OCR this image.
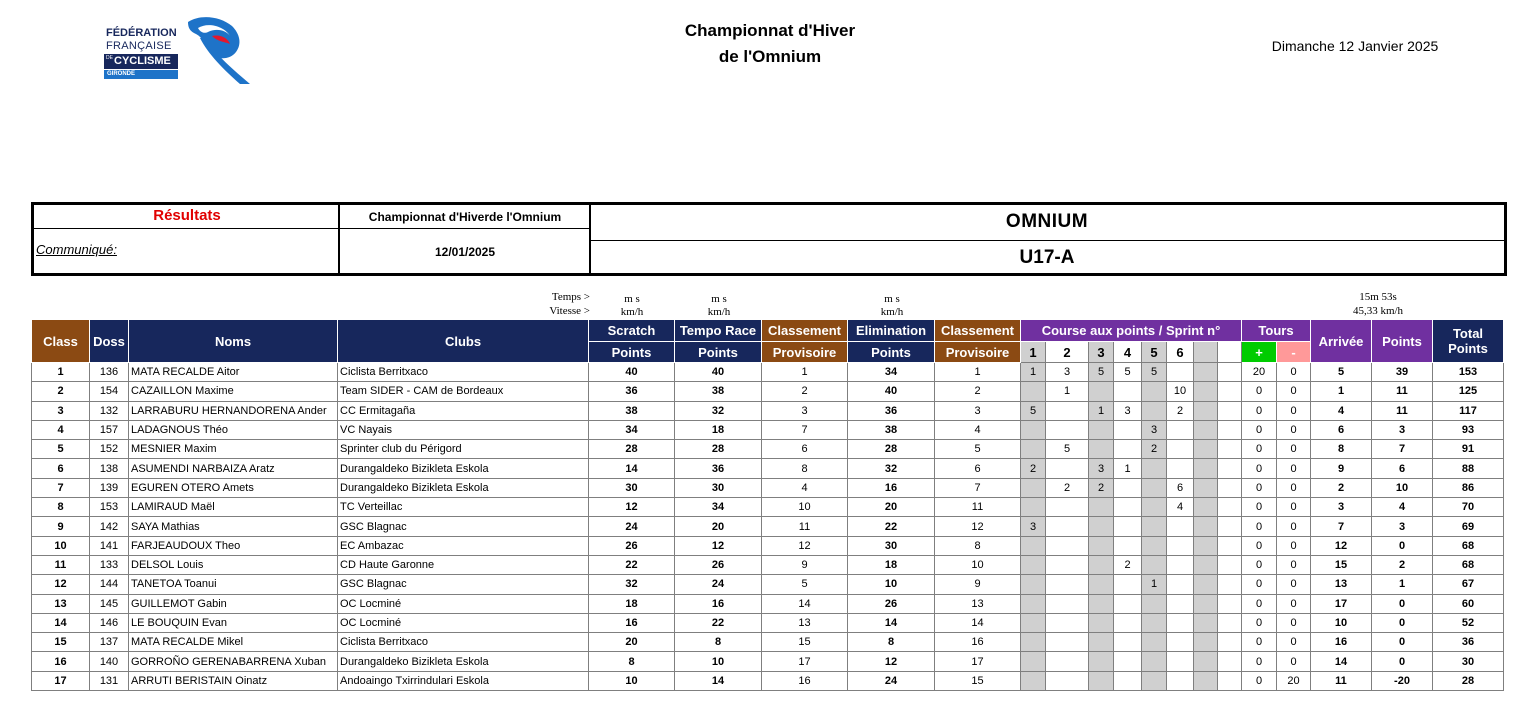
FÉDÉRATION
FRANÇAISE
DE CYCLISME
GIRONDE
Championnat d'Hiver
de l'Omnium
Dimanche 12 Janvier 2025
Résultats
Communiqué:
Championnat d'Hiverde l'Omnium
12/01/2025
OMNIUM
U17-A
Temps >
Vitesse >
m s
km/h
m s
km/h
m s
km/h
15m 53s
45,33 km/h
Class	Doss	Noms	Clubs	Scratch	Tempo Race	Classement	Elimination	Classement	Course aux points / Sprint n°								Tours		Arrivée	Points	Total
Points

				Points	Points	Provisoire	Points	Provisoire	1	2	3	4	5	6			+	-			
1	136	MATA RECALDE Aitor	Ciclista Berritxaco	40	40	1	34	1	1	3	5	5	5				20	0	5	39	153
2	154	CAZAILLON Maxime	Team SIDER - CAM de Bordeaux	36	38	2	40	2		1				10			0	0	1	11	125
3	132	LARRABURU HERNANDORENA Ander	CC Ermitagaña	38	32	3	36	3	5		1	3		2			0	0	4	11	117
4	157	LADAGNOUS Théo	VC Nayais	34	18	7	38	4					3				0	0	6	3	93
5	152	MESNIER Maxim	Sprinter club du Périgord	28	28	6	28	5		5			2				0	0	8	7	91
6	138	ASUMENDI NARBAIZA Aratz	Durangaldeko Bizikleta Eskola	14	36	8	32	6	2		3	1					0	0	9	6	88
7	139	EGUREN OTERO Amets	Durangaldeko Bizikleta Eskola	30	30	4	16	7		2	2			6			0	0	2	10	86
8	153	LAMIRAUD Maël	TC Verteillac	12	34	10	20	11						4			0	0	3	4	70
9	142	SAYA Mathias	GSC Blagnac	24	20	11	22	12	3								0	0	7	3	69
10	141	FARJEAUDOUX Theo	EC Ambazac	26	12	12	30	8									0	0	12	0	68
11	133	DELSOL Louis	CD Haute Garonne	22	26	9	18	10				2					0	0	15	2	68
12	144	TANETOA Toanui	GSC Blagnac	32	24	5	10	9					1				0	0	13	1	67
13	145	GUILLEMOT Gabin	OC Locminé	18	16	14	26	13									0	0	17	0	60
14	146	LE BOUQUIN Evan	OC Locminé	16	22	13	14	14									0	0	10	0	52
15	137	MATA RECALDE Mikel	Ciclista Berritxaco	20	8	15	8	16									0	0	16	0	36
16	140	GORROÑO GERENABARRENA Xuban	Durangaldeko Bizikleta Eskola	8	10	17	12	17									0	0	14	0	30
17	131	ARRUTI BERISTAIN Oinatz	Andoaingo Txirrindulari Eskola	10	14	16	24	15									0	20	11	-20	28
